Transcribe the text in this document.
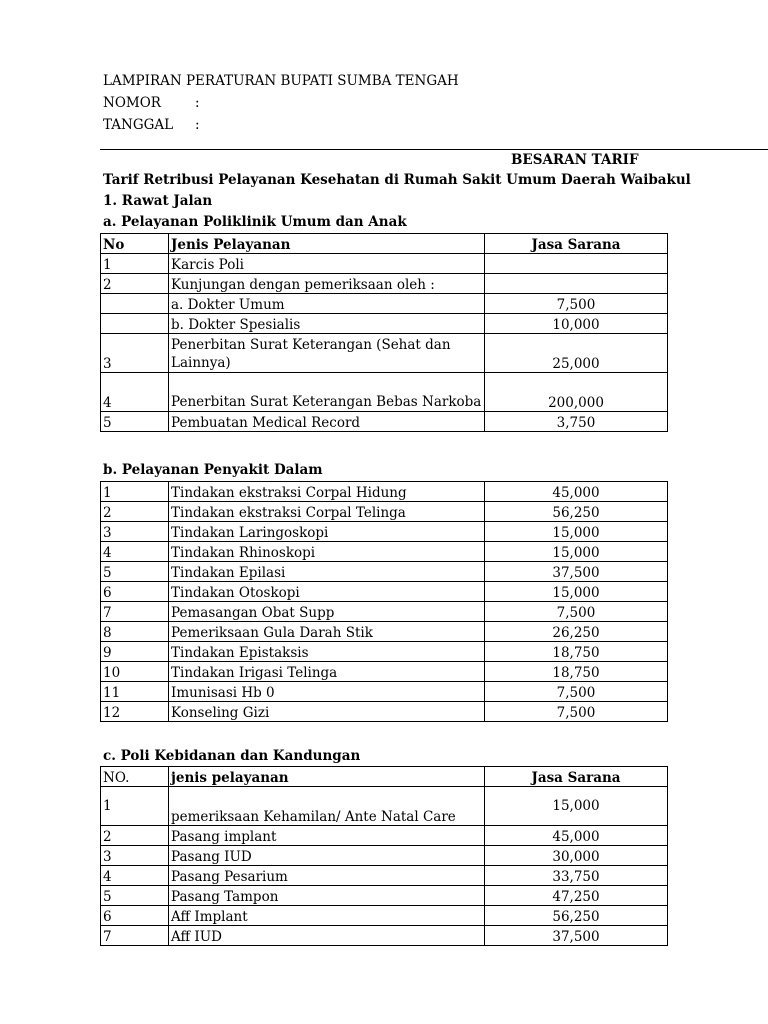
LAMPIRAN PERATURAN BUPATI SUMBA TENGAH
NOMOR	:
TANGGAL :
BESARAN TARIF
Tarif Retribusi Pelayanan Kesehatan di Rumah Sakit Umum Daerah Waibakul
1. Rawat Jalan
a. Pelayanan Poliklinik Umum dan Anak
No	Jenis Pelayanan	Jasa Sarana
1	Karcis Poli	
2	Kunjungan dengan pemeriksaan oleh :	
	a. Dokter Umum	7,500
	b. Dokter Spesialis	10,000
3	Penerbitan Surat Keterangan (Sehat dan Lainnya)	25,000
4	Penerbitan Surat Keterangan Bebas Narkoba	200,000
5	Pembuatan Medical Record	3,750
b. Pelayanan Penyakit Dalam
1	Tindakan ekstraksi Corpal Hidung	45,000
2	Tindakan ekstraksi Corpal Telinga	56,250
3	Tindakan Laringoskopi	15,000
4	Tindakan Rhinoskopi	15,000
5	Tindakan Epilasi	37,500
6	Tindakan Otoskopi	15,000
7	Pemasangan Obat Supp	7,500
8	Pemeriksaan Gula Darah Stik	26,250
9	Tindakan Epistaksis	18,750
10	Tindakan Irigasi Telinga	18,750
11	Imunisasi Hb 0	7,500
12	Konseling Gizi	7,500
c. Poli Kebidanan dan Kandungan
NO.	jenis pelayanan	Jasa Sarana
1	pemeriksaan Kehamilan/ Ante Natal Care	15,000
2	Pasang implant	45,000
3	Pasang IUD	30,000
4	Pasang Pesarium	33,750
5	Pasang Tampon	47,250
6	Aff Implant	56,250
7	Aff IUD	37,500
